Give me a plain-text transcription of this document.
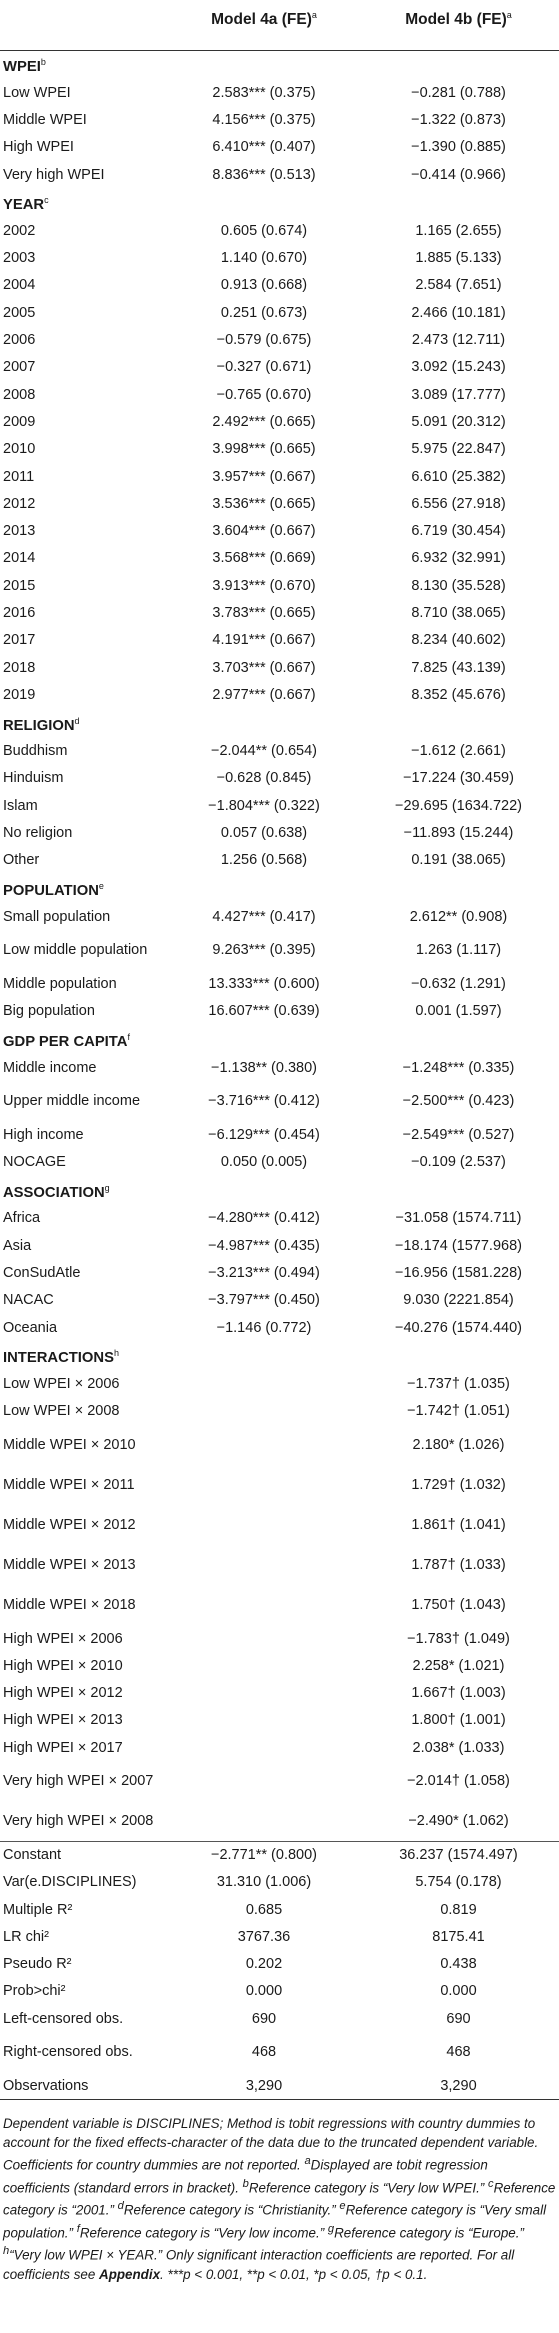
	Model 4a (FE)$^a$	Model 4b (FE)$^a$
WPEI$^b$
Low WPEI	2.583*** (0.375)	−0.281 (0.788)
Middle WPEI	4.156*** (0.375)	−1.322 (0.873)
High WPEI	6.410*** (0.407)	−1.390 (0.885)
Very high WPEI	8.836*** (0.513)	−0.414 (0.966)
YEAR$^c$
2002	0.605 (0.674)	1.165 (2.655)
2003	1.140 (0.670)	1.885 (5.133)
2004	0.913 (0.668)	2.584 (7.651)
2005	0.251 (0.673)	2.466 (10.181)
2006	−0.579 (0.675)	2.473 (12.711)
2007	−0.327 (0.671)	3.092 (15.243)
2008	−0.765 (0.670)	3.089 (17.777)
2009	2.492*** (0.665)	5.091 (20.312)
2010	3.998*** (0.665)	5.975 (22.847)
2011	3.957*** (0.667)	6.610 (25.382)
2012	3.536*** (0.665)	6.556 (27.918)
2013	3.604*** (0.667)	6.719 (30.454)
2014	3.568*** (0.669)	6.932 (32.991)
2015	3.913*** (0.670)	8.130 (35.528)
2016	3.783*** (0.665)	8.710 (38.065)
2017	4.191*** (0.667)	8.234 (40.602)
2018	3.703*** (0.667)	7.825 (43.139)
2019	2.977*** (0.667)	8.352 (45.676)
RELIGION$^d$
Buddhism	−2.044** (0.654)	−1.612 (2.661)
Hinduism	−0.628 (0.845)	−17.224 (30.459)
Islam	−1.804*** (0.322)	−29.695 (1634.722)
No religion	0.057 (0.638)	−11.893 (15.244)
Other	1.256 (0.568)	0.191 (38.065)
POPULATION$^e$
Small population	4.427*** (0.417)	2.612** (0.908)
Low middle population	9.263*** (0.395)	1.263 (1.117)
Middle population	13.333*** (0.600)	−0.632 (1.291)
Big population	16.607*** (0.639)	0.001 (1.597)
GDP PER CAPITA$^f$
Middle income	−1.138** (0.380)	−1.248*** (0.335)
Upper middle income	−3.716*** (0.412)	−2.500*** (0.423)
High income	−6.129*** (0.454)	−2.549*** (0.527)
NOCAGE	0.050 (0.005)	−0.109 (2.537)
ASSOCIATION$^g$
Africa	−4.280*** (0.412)	−31.058 (1574.711)
Asia	−4.987*** (0.435)	−18.174 (1577.968)
ConSudAtle	−3.213*** (0.494)	−16.956 (1581.228)
NACAC	−3.797*** (0.450)	9.030 (2221.854)
Oceania	−1.146 (0.772)	−40.276 (1574.440)
INTERACTIONS$^h$
Low WPEI × 2006		−1.737† (1.035)
Low WPEI × 2008		−1.742† (1.051)
Middle WPEI × 2010		2.180* (1.026)
Middle WPEI × 2011		1.729† (1.032)
Middle WPEI × 2012		1.861† (1.041)
Middle WPEI × 2013		1.787† (1.033)
Middle WPEI × 2018		1.750† (1.043)
High WPEI × 2006		−1.783† (1.049)
High WPEI × 2010		2.258* (1.021)
High WPEI × 2012		1.667† (1.003)
High WPEI × 2013		1.800† (1.001)
High WPEI × 2017		2.038* (1.033)
Very high WPEI × 2007		−2.014† (1.058)
Very high WPEI × 2008		−2.490* (1.062)
Constant	−2.771** (0.800)	36.237 (1574.497)
Var(e.DISCIPLINES)	31.310 (1.006)	5.754 (0.178)
Multiple R²	0.685	0.819
LR chi²	3767.36	8175.41
Pseudo R²	0.202	0.438
Prob>chi²	0.000	0.000
Left-censored obs.	690	690
Right-censored obs.	468	468
Observations	3,290	3,290
Dependent variable is DISCIPLINES; Method is tobit regressions with country dummies to account for the fixed effects-character of the data due to the truncated dependent variable. Coefficients for country dummies are not reported. $^a$Displayed are tobit regression coefficients (standard errors in bracket). $^b$Reference category is “Very low WPEI.” $^c$Reference category is “2001.” $^d$Reference category is “Christianity.” $^e$Reference category is “Very small population.” $^f$Reference category is “Very low income.” $^g$Reference category is “Europe.” $^h$“Very low WPEI × YEAR.” Only significant interaction coefficients are reported. For all coefficients see Appendix. ***p < 0.001, **p < 0.01, *p < 0.05, †p < 0.1.
